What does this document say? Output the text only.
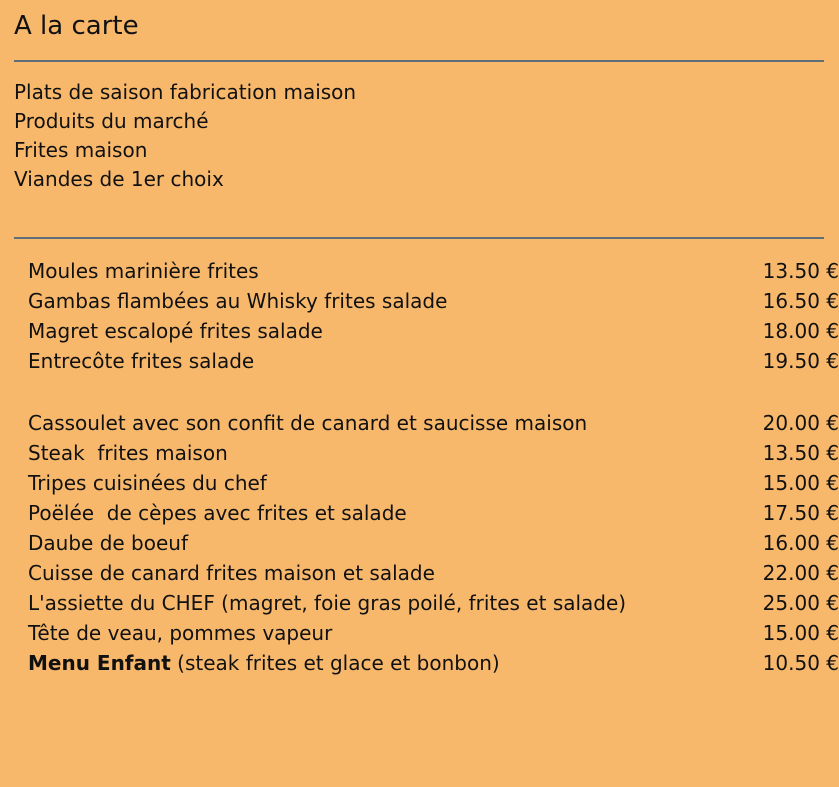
A la carte
Plats de saison fabrication maison
Produits du marché
Frites maison
Viandes de 1er choix
Moules marinière frites	13.50 €
Gambas flambées au Whisky frites salade	16.50 €
Magret escalopé frites salade	18.00 €
Entrecôte frites salade	19.50 €

Cassoulet avec son confit de canard et saucisse maison	20.00 €
Steak  frites maison	13.50 €
Tripes cuisinées du chef	15.00 €
Poëlée  de cèpes avec frites et salade	17.50 €
Daube de boeuf	16.00 €
Cuisse de canard frites maison et salade	22.00 €
L'assiette du CHEF (magret, foie gras poilé, frites et salade)	25.00 €
Tête de veau, pommes vapeur	15.00 €
Menu Enfant (steak frites et glace et bonbon)	10.50 €
